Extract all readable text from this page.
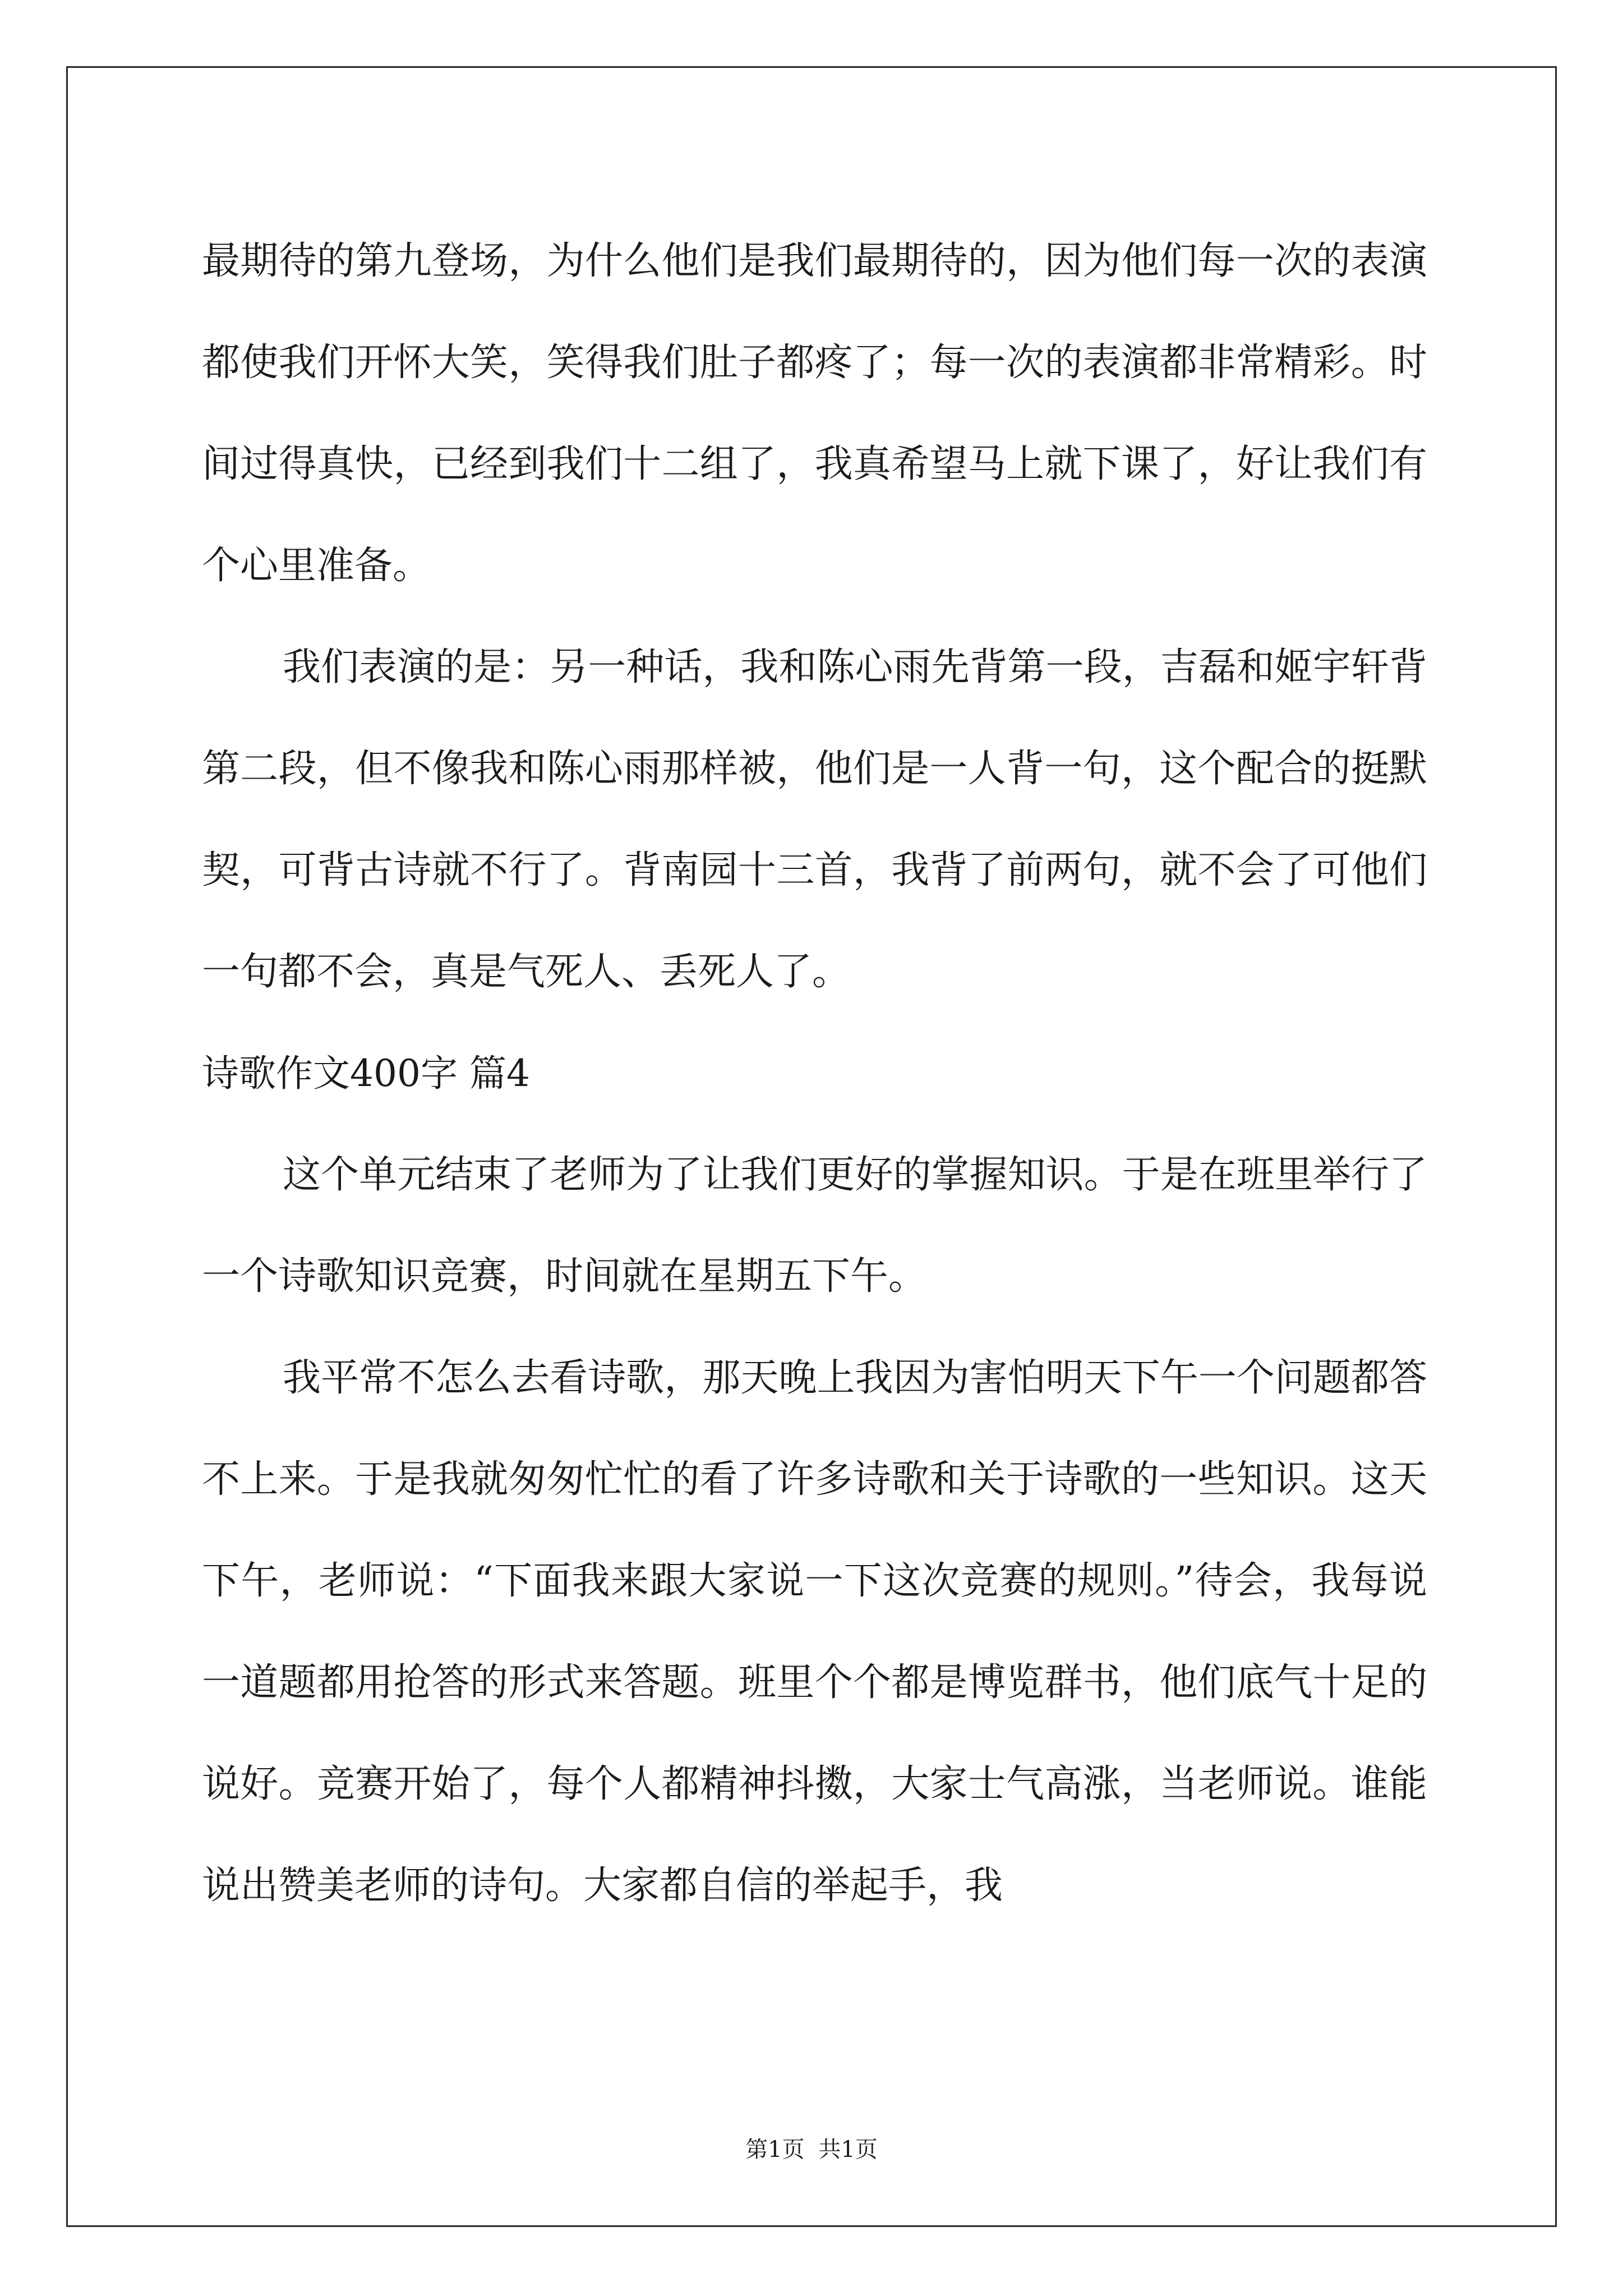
最期待的第九登场，为什么他们是我们最期待的，因为他们每一次的表演都使我们开怀大笑，笑得我们肚子都疼了；每一次的表演都非常精彩。时间过得真快，已经到我们十二组了，我真希望马上就下课了，好让我们有个心里准备。

我们表演的是：另一种话，我和陈心雨先背第一段，吉磊和姬宇轩背第二段，但不像我和陈心雨那样被，他们是一人背一句，这个配合的挺默契，可背古诗就不行了。背南园十三首，我背了前两句，就不会了可他们一句都不会，真是气死人、丢死人了。

诗歌作文400字 篇4

这个单元结束了老师为了让我们更好的掌握知识。于是在班里举行了一个诗歌知识竞赛，时间就在星期五下午。

我平常不怎么去看诗歌，那天晚上我因为害怕明天下午一个问题都答不上来。于是我就匆匆忙忙的看了许多诗歌和关于诗歌的一些知识。这天下午，老师说：“下面我来跟大家说一下这次竞赛的规则。”待会，我每说一道题都用抢答的形式来答题。班里个个都是博览群书，他们底气十足的说好。竞赛开始了，每个人都精神抖擞，大家士气高涨，当老师说。谁能说出赞美老师的诗句。大家都自信的举起手，我

第1页 共1页
